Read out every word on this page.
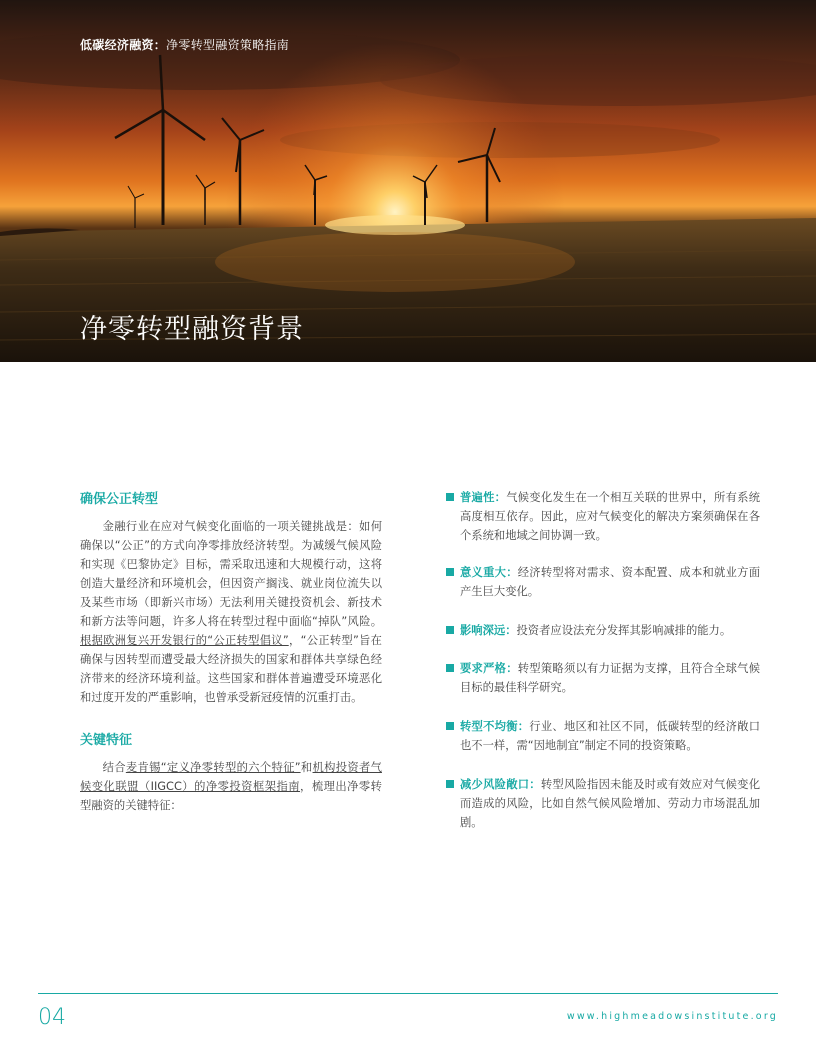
低碳经济融资：净零转型融资策略指南
净零转型融资背景
确保公正转型

金融行业在应对气候变化面临的一项关键挑战是：如何确保以“公正”的方式向净零排放经济转型。为减缓气候风险和实现《巴黎协定》目标，需采取迅速和大规模行动，这将创造大量经济和环境机会，但因资产搁浅、就业岗位流失以及某些市场（即新兴市场）无法利用关键投资机会、新技术和新方法等问题，许多人将在转型过程中面临“掉队”风险。根据欧洲复兴开发银行的“公正转型倡议”，“公正转型”旨在确保与因转型而遭受最大经济损失的国家和群体共享绿色经济带来的经济环境利益。这些国家和群体普遍遭受环境恶化和过度开发的严重影响，也曾承受新冠疫情的沉重打击。

关键特征

结合麦肯锡“定义净零转型的六个特征”和机构投资者气候变化联盟（IIGCC）的净零投资框架指南，梳理出净零转型融资的关键特征：

普遍性：气候变化发生在一个相互关联的世界中，所有系统高度相互依存。因此，应对气候变化的解决方案须确保在各个系统和地域之间协调一致。
意义重大：经济转型将对需求、资本配置、成本和就业方面产生巨大变化。
影响深远：投资者应设法充分发挥其影响减排的能力。
要求严格：转型策略须以有力证据为支撑，且符合全球气候目标的最佳科学研究。
转型不均衡：行业、地区和社区不同，低碳转型的经济敞口也不一样，需“因地制宜”制定不同的投资策略。
减少风险敞口：转型风险指因未能及时或有效应对气候变化而造成的风险，比如自然气候风险增加、劳动力市场混乱加剧。
04	www.highmeadowsinstitute.org
